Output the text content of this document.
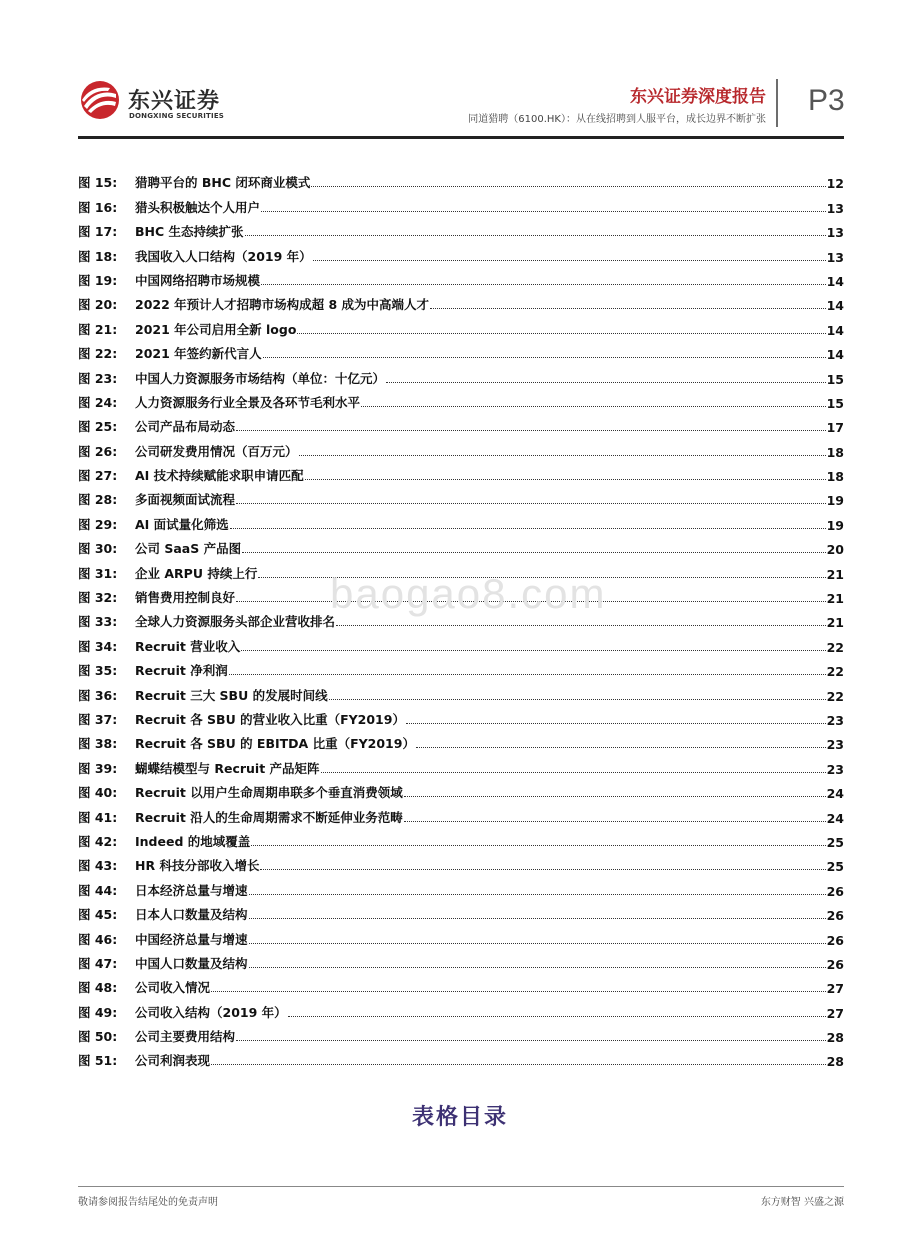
东兴证券
DONGXING SECURITIES
东兴证券深度报告
同道猎聘（6100.HK）：从在线招聘到人服平台，成长边界不断扩张
P3
图 15:	猎聘平台的 BHC 闭环商业模式	12
图 16:	猎头积极触达个人用户	13
图 17:	BHC 生态持续扩张	13
图 18:	我国收入人口结构（2019 年）	13
图 19:	中国网络招聘市场规模	14
图 20:	2022 年预计人才招聘市场构成超 8 成为中高端人才	14
图 21:	2021 年公司启用全新 logo	14
图 22:	2021 年签约新代言人	14
图 23:	中国人力资源服务市场结构（单位：十亿元）	15
图 24:	人力资源服务行业全景及各环节毛利水平	15
图 25:	公司产品布局动态	17
图 26:	公司研发费用情况（百万元）	18
图 27:	AI 技术持续赋能求职申请匹配	18
图 28:	多面视频面试流程	19
图 29:	AI 面试量化筛选	19
图 30:	公司 SaaS 产品图	20
图 31:	企业 ARPU 持续上行	21
图 32:	销售费用控制良好	21
图 33:	全球人力资源服务头部企业营收排名	21
图 34:	Recruit 营业收入	22
图 35:	Recruit 净利润	22
图 36:	Recruit 三大 SBU 的发展时间线	22
图 37:	Recruit 各 SBU 的营业收入比重（FY2019）	23
图 38:	Recruit 各 SBU 的 EBITDA 比重（FY2019）	23
图 39:	蝴蝶结模型与 Recruit 产品矩阵	23
图 40:	Recruit 以用户生命周期串联多个垂直消费领域	24
图 41:	Recruit 沿人的生命周期需求不断延伸业务范畴	24
图 42:	Indeed 的地域覆盖	25
图 43:	HR 科技分部收入增长	25
图 44:	日本经济总量与增速	26
图 45:	日本人口数量及结构	26
图 46:	中国经济总量与增速	26
图 47:	中国人口数量及结构	26
图 48:	公司收入情况	27
图 49:	公司收入结构（2019 年）	27
图 50:	公司主要费用结构	28
图 51:	公司利润表现	28
baogao8.com
表格目录
敬请参阅报告结尾处的免责声明	东方财智 兴盛之源
